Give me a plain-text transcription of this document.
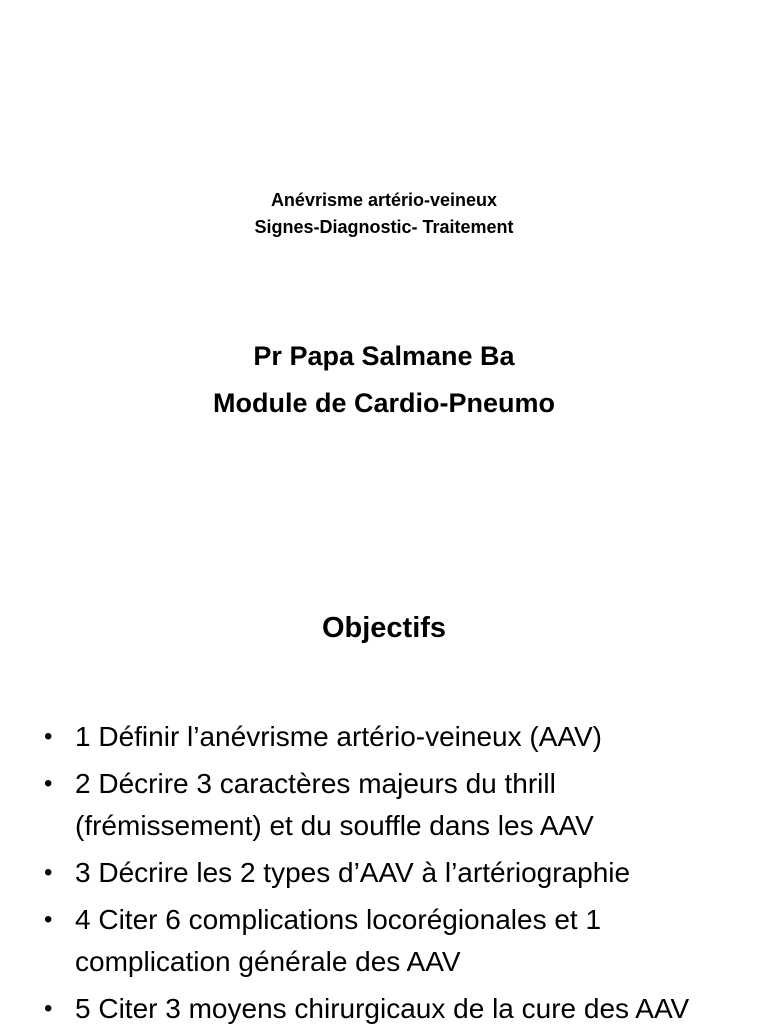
Anévrisme artério-veineux
Signes-Diagnostic- Traitement
Pr Papa Salmane Ba
Module de Cardio-Pneumo
Objectifs
• 1 Définir l’anévrisme artério-veineux (AAV)
• 2 Décrire 3 caractères majeurs du thrill
(frémissement) et du souffle dans les AAV
• 3 Décrire les 2 types d’AAV à l’artériographie
• 4 Citer 6 complications locorégionales et 1
complication générale des AAV
• 5 Citer 3 moyens chirurgicaux de la cure des AAV
